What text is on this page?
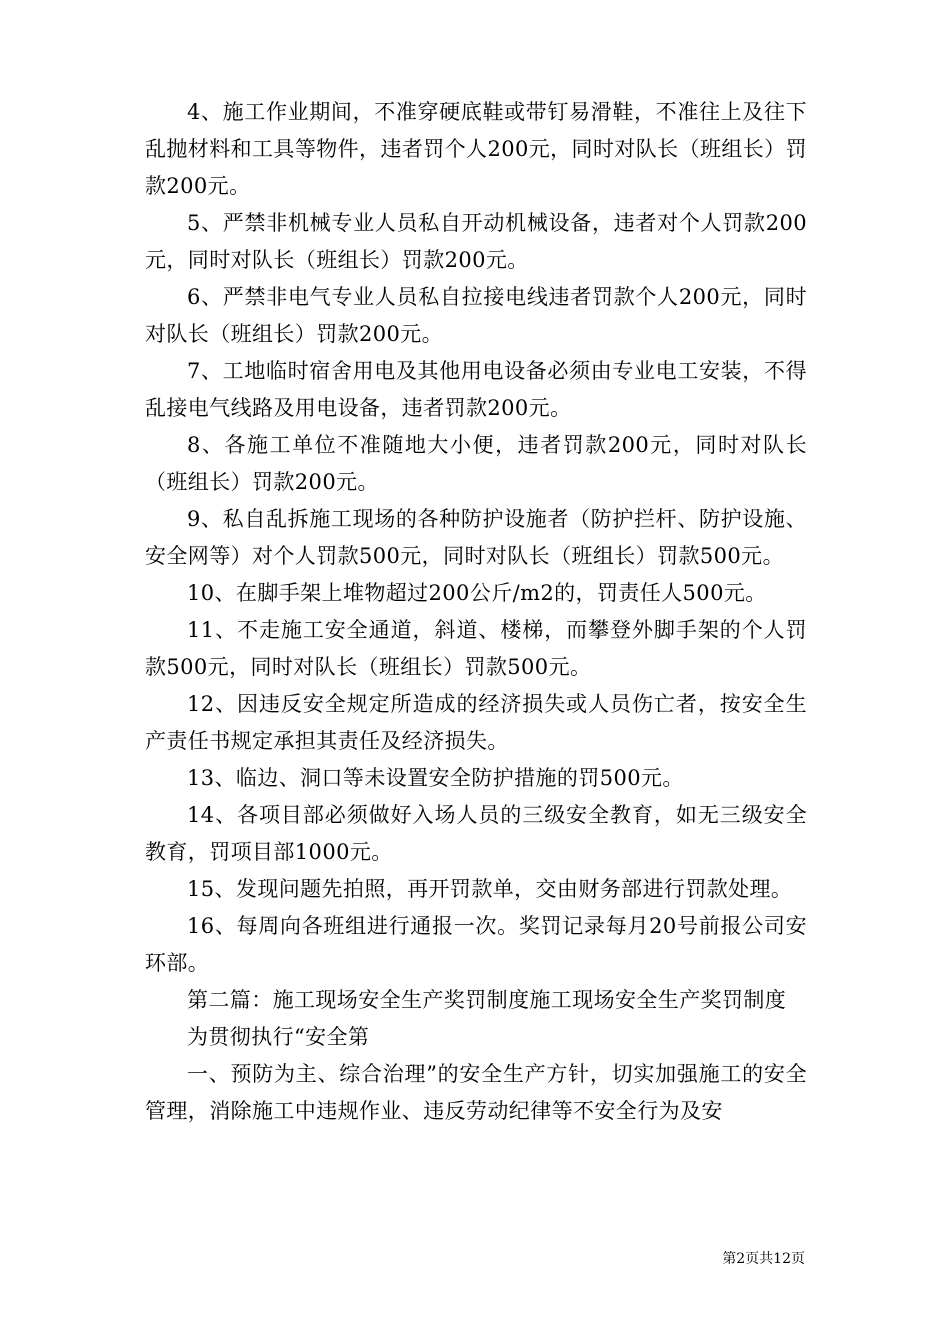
4、施工作业期间，不准穿硬底鞋或带钉易滑鞋，不准往上及往下乱抛材料和工具等物件，违者罚个人200元，同时对队长（班组长）罚款200元。

5、严禁非机械专业人员私自开动机械设备，违者对个人罚款200元，同时对队长（班组长）罚款200元。

6、严禁非电气专业人员私自拉接电线违者罚款个人200元，同时对队长（班组长）罚款200元。

7、工地临时宿舍用电及其他用电设备必须由专业电工安装，不得乱接电气线路及用电设备，违者罚款200元。

8、各施工单位不准随地大小便，违者罚款200元，同时对队长（班组长）罚款200元。

9、私自乱拆施工现场的各种防护设施者（防护拦杆、防护设施、安全网等）对个人罚款500元，同时对队长（班组长）罚款500元。

10、在脚手架上堆物超过200公斤/m2的，罚责任人500元。

11、不走施工安全通道，斜道、楼梯，而攀登外脚手架的个人罚款500元，同时对队长（班组长）罚款500元。

12、因违反安全规定所造成的经济损失或人员伤亡者，按安全生产责任书规定承担其责任及经济损失。

13、临边、洞口等未设置安全防护措施的罚500元。

14、各项目部必须做好入场人员的三级安全教育，如无三级安全教育，罚项目部1000元。

15、发现问题先拍照，再开罚款单，交由财务部进行罚款处理。

16、每周向各班组进行通报一次。奖罚记录每月20号前报公司安环部。

第二篇：施工现场安全生产奖罚制度施工现场安全生产奖罚制度

为贯彻执行“安全第

一、预防为主、综合治理”的安全生产方针，切实加强施工的安全管理，消除施工中违规作业、违反劳动纪律等不安全行为及安

第2页共12页
